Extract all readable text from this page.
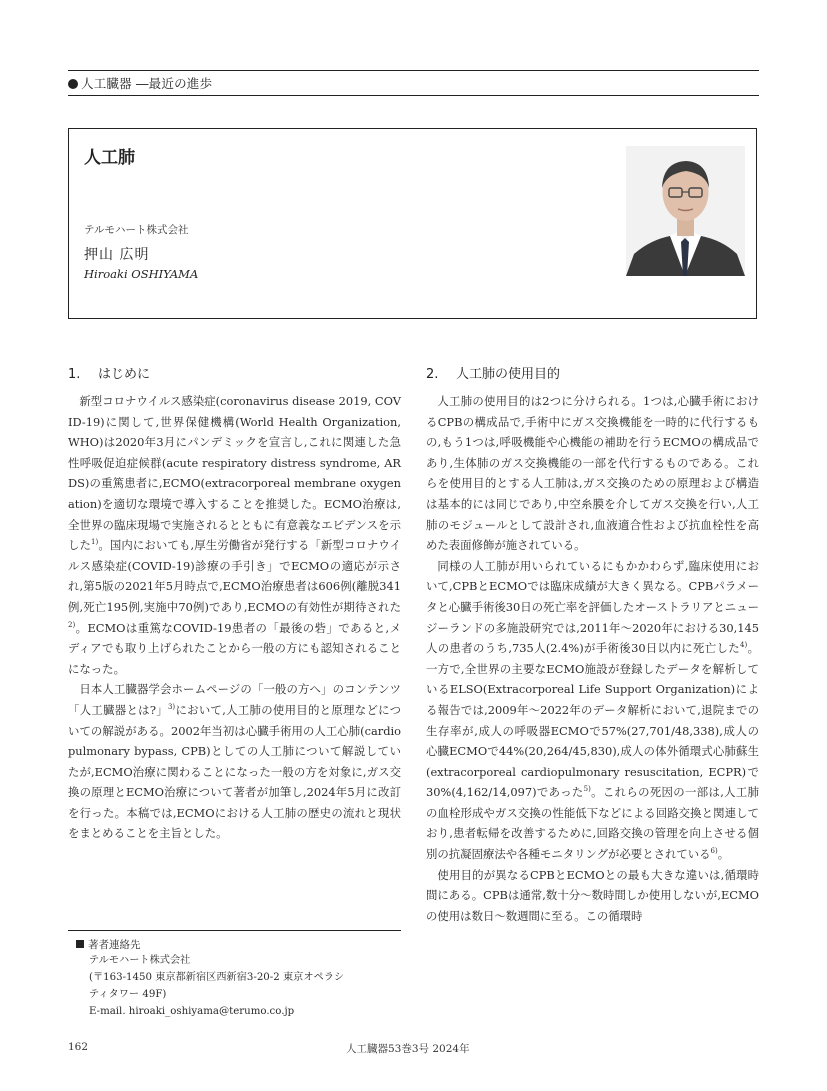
人工臓器 ―最近の進歩
人工肺
テルモハート株式会社
押山 広明
Hiroaki OSHIYAMA
1. はじめに

新型コロナウイルス感染症(coronavirus disease 2019, COVID-19)に関して,世界保健機構(World Health Organization, WHO)は2020年3月にパンデミックを宣言し,これに関連した急性呼吸促迫症候群(acute respiratory distress syndrome, ARDS)の重篤患者に,ECMO(extracorporeal membrane oxygenation)を適切な環境で導入することを推奨した。ECMO治療は,全世界の臨床現場で実施されるとともに有意義なエビデンスを示した$^{1)}$。国内においても,厚生労働省が発行する「新型コロナウイルス感染症(COVID-19)診療の手引き」でECMOの適応が示され,第5版の2021年5月時点で,ECMO治療患者は606例(離脱341例,死亡195例,実施中70例)であり,ECMOの有効性が期待された$^{2)}$。ECMOは重篤なCOVID-19患者の「最後の砦」であると,メディアでも取り上げられたことから一般の方にも認知されることになった。

日本人工臓器学会ホームページの「一般の方へ」のコンテンツ「人工臓器とは?」$^{3)}$において,人工肺の使用目的と原理などについての解説がある。2002年当初は心臓手術用の人工心肺(cardiopulmonary bypass, CPB)としての人工肺について解説していたが,ECMO治療に関わることになった一般の方を対象に,ガス交換の原理とECMO治療について著者が加筆し,2024年5月に改訂を行った。本稿では,ECMOにおける人工肺の歴史の流れと現状をまとめることを主旨とした。

2. 人工肺の使用目的

人工肺の使用目的は2つに分けられる。1つは,心臓手術におけるCPBの構成品で,手術中にガス交換機能を一時的に代行するもの,もう1つは,呼吸機能や心機能の補助を行うECMOの構成品であり,生体肺のガス交換機能の一部を代行するものである。これらを使用目的とする人工肺は,ガス交換のための原理および構造は基本的には同じであり,中空糸膜を介してガス交換を行い,人工肺のモジュールとして設計され,血液適合性および抗血栓性を高めた表面修飾が施されている。

同様の人工肺が用いられているにもかかわらず,臨床使用において,CPBとECMOでは臨床成績が大きく異なる。CPBパラメータと心臓手術後30日の死亡率を評価したオーストラリアとニュージーランドの多施設研究では,2011年〜2020年における30,145人の患者のうち,735人(2.4%)が手術後30日以内に死亡した$^{4)}$。一方で,全世界の主要なECMO施設が登録したデータを解析しているELSO(Extracorporeal Life Support Organization)による報告では,2009年〜2022年のデータ解析において,退院までの生存率が,成人の呼吸器ECMOで57%(27,701/48,338),成人の心臓ECMOで44%(20,264/45,830),成人の体外循環式心肺蘇生(extracorporeal cardiopulmonary resuscitation, ECPR)で30%(4,162/14,097)であった$^{5)}$。これらの死因の一部は,人工肺の血栓形成やガス交換の性能低下などによる回路交換と関連しており,患者転帰を改善するために,回路交換の管理を向上させる個別の抗凝固療法や各種モニタリングが必要とされている$^{6)}$。

使用目的が異なるCPBとECMOとの最も大きな違いは,循環時間にある。CPBは通常,数十分〜数時間しか使用しないが,ECMOの使用は数日〜数週間に至る。この循環時

著者連絡先
テルモハート株式会社
(〒163-1450 東京都新宿区西新宿3-20-2 東京オペラシ
ティタワー 49F)
E-mail. hiroaki_oshiyama@terumo.co.jp
162	人工臓器53巻3号 2024年
